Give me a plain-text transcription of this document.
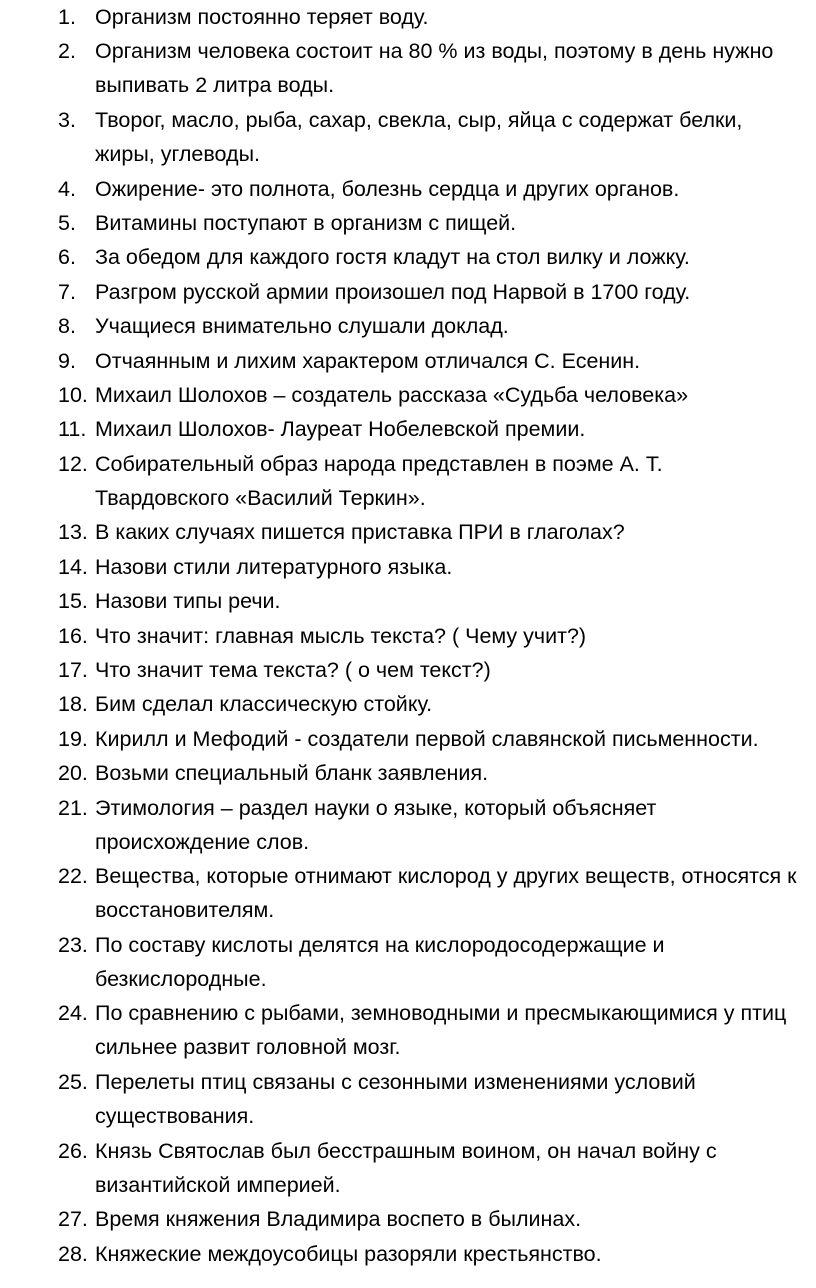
1. Организм постоянно теряет воду.
2. Организм человека состоит на 80 % из воды, поэтому в день нужно выпивать 2 литра воды.
3. Творог, масло, рыба, сахар, свекла, сыр, яйца с содержат белки, жиры, углеводы.
4. Ожирение- это полнота, болезнь сердца и других органов.
5. Витамины поступают в организм с пищей.
6. За обедом для каждого гостя кладут на стол вилку и ложку.
7. Разгром русской армии произошел под Нарвой в 1700 году.
8. Учащиеся внимательно слушали доклад.
9. Отчаянным и лихим характером отличался С. Есенин.
10. Михаил Шолохов – создатель рассказа «Судьба человека»
11. Михаил Шолохов- Лауреат Нобелевской премии.
12. Собирательный образ народа представлен в поэме А. Т. Твардовского «Василий Теркин».
13. В каких случаях пишется приставка ПРИ в глаголах?
14. Назови стили литературного языка.
15. Назови типы речи.
16. Что значит: главная мысль текста? ( Чему учит?)
17. Что значит тема текста? ( о чем текст?)
18. Бим сделал классическую стойку.
19. Кирилл и Мефодий - создатели первой славянской письменности.
20. Возьми специальный бланк заявления.
21. Этимология – раздел науки о языке, который объясняет происхождение слов.
22. Вещества, которые отнимают кислород у других веществ, относятся к восстановителям.
23. По составу кислоты делятся на кислородосодержащие и безкислородные.
24. По сравнению с рыбами, земноводными и пресмыкающимися у птиц сильнее развит головной мозг.
25. Перелеты птиц связаны с сезонными изменениями условий существования.
26. Князь Святослав был бесстрашным воином, он начал войну с византийской империей.
27. Время княжения Владимира воспето в былинах.
28. Княжеские междоусобицы разоряли крестьянство.
